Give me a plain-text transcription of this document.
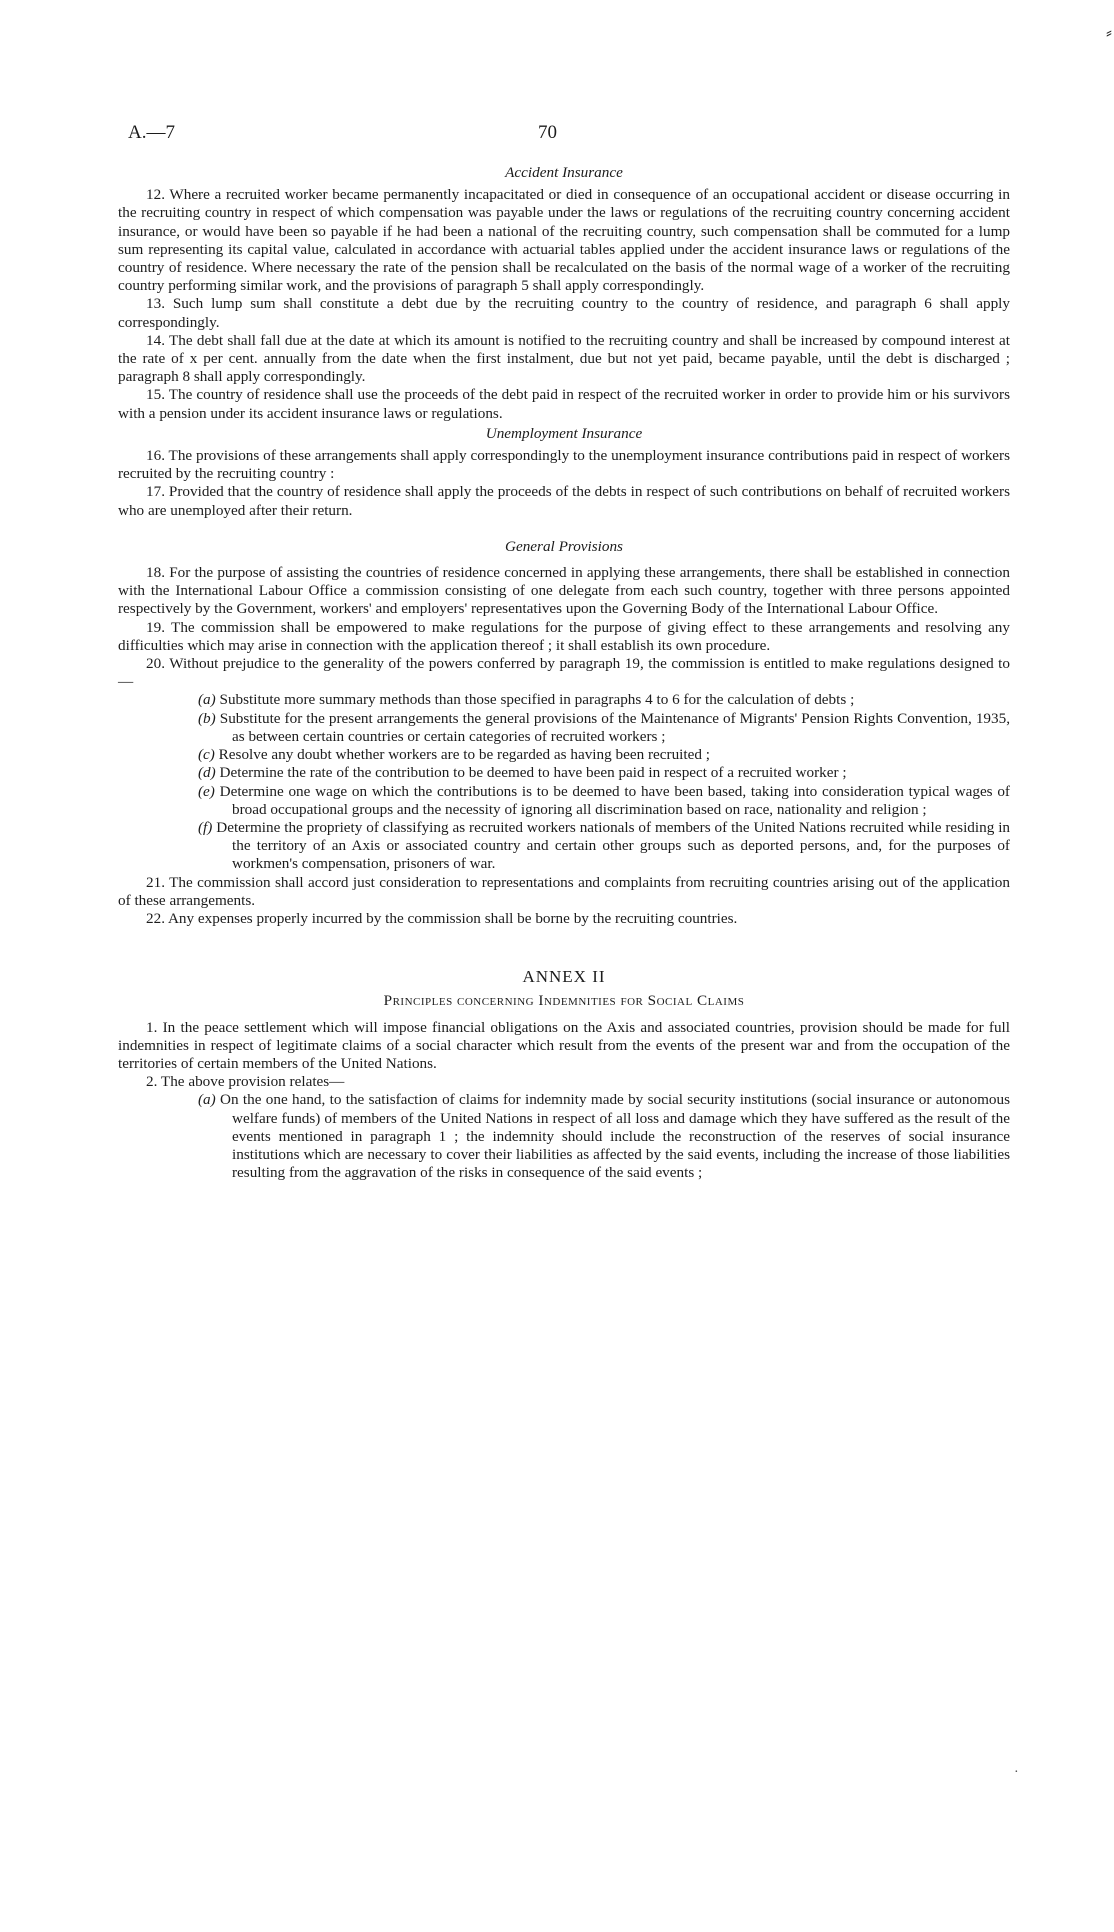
⸗
A.—7	70
Accident Insurance

12. Where a recruited worker became permanently incapacitated or died in consequence of an occupational accident or disease occurring in the recruiting country in respect of which compensation was payable under the laws or regulations of the recruiting country concerning accident insurance, or would have been so payable if he had been a national of the recruiting country, such compensation shall be commuted for a lump sum representing its capital value, calculated in accordance with actuarial tables applied under the accident insurance laws or regulations of the country of residence. Where necessary the rate of the pension shall be recalculated on the basis of the normal wage of a worker of the recruiting country performing similar work, and the provisions of paragraph 5 shall apply correspondingly.

13. Such lump sum shall constitute a debt due by the recruiting country to the country of residence, and paragraph 6 shall apply correspondingly.

14. The debt shall fall due at the date at which its amount is notified to the recruiting country and shall be increased by compound interest at the rate of x per cent. annually from the date when the first instalment, due but not yet paid, became payable, until the debt is discharged ; paragraph 8 shall apply correspondingly.

15. The country of residence shall use the proceeds of the debt paid in respect of the recruited worker in order to provide him or his survivors with a pension under its accident insurance laws or regulations.

Unemployment Insurance

16. The provisions of these arrangements shall apply correspondingly to the unemployment insurance contributions paid in respect of workers recruited by the recruiting country :

17. Provided that the country of residence shall apply the proceeds of the debts in respect of such contributions on behalf of recruited workers who are unemployed after their return.

General Provisions

18. For the purpose of assisting the countries of residence concerned in applying these arrangements, there shall be established in connection with the International Labour Office a commission consisting of one delegate from each such country, together with three persons appointed respectively by the Government, workers' and employers' representatives upon the Governing Body of the International Labour Office.

19. The commission shall be empowered to make regulations for the purpose of giving effect to these arrangements and resolving any difficulties which may arise in connection with the application thereof ; it shall establish its own procedure.

20. Without prejudice to the generality of the powers conferred by paragraph 19, the commission is entitled to make regulations designed to—

(a) Substitute more summary methods than those specified in paragraphs 4 to 6 for the calculation of debts ;

(b) Substitute for the present arrangements the general provisions of the Maintenance of Migrants' Pension Rights Convention, 1935, as between certain countries or certain categories of recruited workers ;

(c) Resolve any doubt whether workers are to be regarded as having been recruited ;

(d) Determine the rate of the contribution to be deemed to have been paid in respect of a recruited worker ;

(e) Determine one wage on which the contributions is to be deemed to have been based, taking into consideration typical wages of broad occupational groups and the necessity of ignoring all discrimination based on race, nationality and religion ;

(f) Determine the propriety of classifying as recruited workers nationals of members of the United Nations recruited while residing in the territory of an Axis or associated country and certain other groups such as deported persons, and, for the purposes of workmen's compensation, prisoners of war.

21. The commission shall accord just consideration to representations and complaints from recruiting countries arising out of the application of these arrangements.

22. Any expenses properly incurred by the commission shall be borne by the recruiting countries.

ANNEX II
Principles concerning Indemnities for Social Claims

1. In the peace settlement which will impose financial obligations on the Axis and associated countries, provision should be made for full indemnities in respect of legitimate claims of a social character which result from the events of the present war and from the occupation of the territories of certain members of the United Nations.

2. The above provision relates—

(a) On the one hand, to the satisfaction of claims for indemnity made by social security institutions (social insurance or autonomous welfare funds) of members of the United Nations in respect of all loss and damage which they have suffered as the result of the events mentioned in paragraph 1 ; the indemnity should include the reconstruction of the reserves of social insurance institutions which are necessary to cover their liabilities as affected by the said events, including the increase of those liabilities resulting from the aggravation of the risks in consequence of the said events ;

·
